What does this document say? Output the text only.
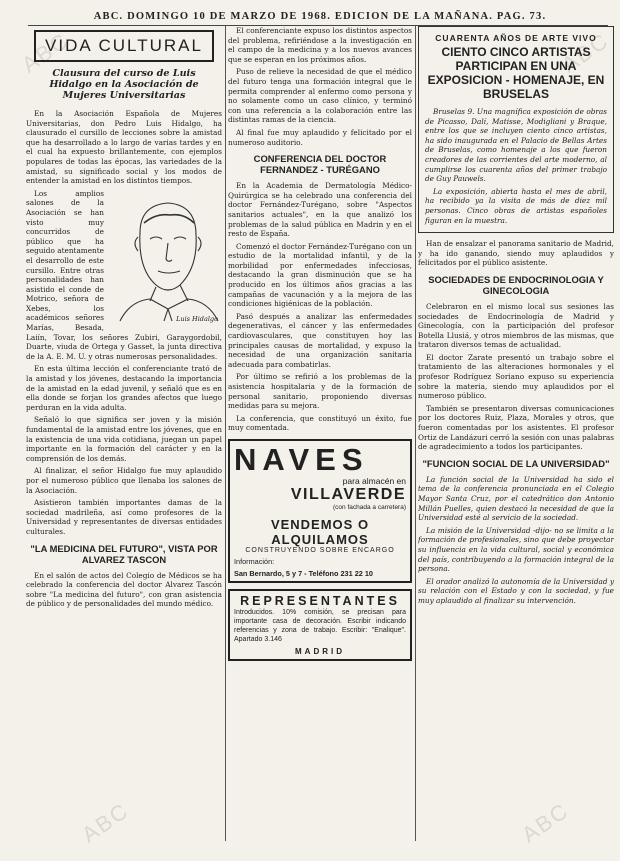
ABC	ABC
ABC	ABC
ABC. DOMINGO 10 DE MARZO DE 1968. EDICION DE LA MAÑANA. PAG. 73.
VIDA CULTURAL
Clausura del curso de Luis Hidalgo en la Asociación de Mujeres Universitarias

En la Asociación Española de Mujeres Universitarias, don Pedro Luis Hidalgo, ha clausurado el cursillo de lecciones sobre la amistad que ha desarrollado a lo largo de varias tardes y en el cual ha expuesto brillantemente, con ejemplos populares de todas las épocas, las variedades de la amistad, su significado social y los modos de entender la amistad en los distintos tiempos.

Luis Hidalgo

Los amplios salones de la Asociación se han visto muy concurridos de público que ha seguido atentamente el desarrollo de este cursillo. Entre otras personalidades han asistido el conde de Motrico, señora de Xebes, los académicos señores Marías, Besada, Laiín, Tovar, los señores Zubiri, Garaygordobil, Duarte, viuda de Ortega y Gasset, la junta directiva de la A. E. M. U. y otras numerosas personalidades.

En esta última lección el conferenciante trató de la amistad y los jóvenes, destacando la importancia de la amistad en la edad juvenil, y señaló que es en ella donde se forjan los grandes afectos que luego perduran en la vida adulta.

Señaló lo que significa ser joven y la misión fundamental de la amistad entre los jóvenes, que en la existencia de una vida cotidiana, juegan un papel importante en la formación del carácter y en la comprensión de los demás.

Al finalizar, el señor Hidalgo fue muy aplaudido por el numeroso público que llenaba los salones de la Asociación.

Asistieron también importantes damas de la sociedad madrileña, así como profesores de la Universidad y representantes de diversas entidades culturales.

"LA MEDICINA DEL FUTURO", VISTA POR ALVAREZ TASCON

En el salón de actos del Colegio de Médicos se ha celebrado la conferencia del doctor Alvarez Tascón sobre "La medicina del futuro", con gran asistencia de público y de personalidades del mundo médico.

El conferenciante expuso los distintos aspectos del problema, refiriéndose a la investigación en el campo de la medicina y a los nuevos avances que se esperan en los próximos años.

Puso de relieve la necesidad de que el médico del futuro tenga una formación integral que le permita comprender al enfermo como persona y no solamente como un caso clínico, y terminó con una referencia a la colaboración entre las distintas ramas de la ciencia.

Al final fue muy aplaudido y felicitado por el numeroso auditorio.

CONFERENCIA DEL DOCTOR FERNANDEZ - TURÉGANO

En la Academia de Dermatología Médico-Quirúrgica se ha celebrado una conferencia del doctor Fernández-Turégano, sobre "Aspectos sanitarios actuales", en la que analizó los problemas de la salud pública en Madrin y en el resto de España.

Comenzó el doctor Fernández-Turégano con un estudio de la mortalidad infantil, y de la morbilidad por enfermedades infecciosas, destacando la gran disminución que se ha producido en los últimos años gracias a las campañas de vacunación y a la mejora de las condiciones higiénicas de la población.

Pasó después a analizar las enfermedades degenerativas, el cáncer y las enfermedades cardiovasculares, que constituyen hoy las principales causas de mortalidad, y expuso la necesidad de una organización sanitaria adecuada para combatirlas.

Por último se refirió a los problemas de la asistencia hospitalaria y de la formación de personal sanitario, proponiendo diversas medidas para su mejora.

La conferencia, que constituyó un éxito, fue muy comentada.

NAVES
para almacén en
VILLAVERDE
(con fachada a carretera)
VENDEMOS O ALQUILAMOS
CONSTRUYENDO SOBRE ENCARGO
Información:
San Bernardo, 5 y 7 - Teléfono 231 22 10
REPRESENTANTES

Introducidos. 10% comisión, se precisan para importante casa de decoración. Escribir indicando referencias y zona de trabajo. Escribir: "Enalique". Apartado 3.146

MADRID
CUARENTA AÑOS DE ARTE VIVO
CIENTO CINCO ARTISTAS PARTICIPAN EN UNA EXPOSICION - HOMENAJE, EN BRUSELAS

Bruselas 9. Una magnífica exposición de obras de Picasso, Dalí, Matisse, Modigliani y Braque, entre los que se incluyen ciento cinco artistas, ha sido inaugurada en el Palacio de Bellas Artes de Bruselas, como homenaje a los que fueron creadores de las corrientes del arte moderno, al cumplirse los cuarenta años del primer trabajo de Guy Pauwels.

La exposición, abierta hasta el mes de abril, ha recibido ya la visita de más de diez mil personas. Cinco obras de artistas españoles figuran en la muestra.

Han de ensalzar el panorama sanitario de Madrid, y ha ido ganando, siendo muy aplaudidos y felicitados por el público asistente.

SOCIEDADES DE ENDOCRINOLOGIA Y GINECOLOGIA

Celebraron en el mismo local sus sesiones las sociedades de Endocrinología de Madrid y Ginecología, con la participación del profesor Botella Llusiá, y otros miembros de las mismas, que trataron diversos temas de actualidad.

El doctor Zarate presentó un trabajo sobre el tratamiento de las alteraciones hormonales y el profesor Rodríguez Soriano expuso su experiencia sobre la materia, siendo muy aplaudidos por el numeroso público.

También se presentaron diversas comunicaciones por los doctores Ruiz, Plaza, Morales y otros, que fueron comentadas por los asistentes. El profesor Ortiz de Landázuri cerró la sesión con unas palabras de agradecimiento a todos los participantes.

"FUNCION SOCIAL DE LA UNIVERSIDAD"

La función social de la Universidad ha sido el tema de la conferencia pronunciada en el Colegio Mayor Santa Cruz, por el catedrático don Antonio Millán Puelles, quien destacó la necesidad de que la Universidad esté al servicio de la sociedad.

La misión de la Universidad -dijo- no se limita a la formación de profesionales, sino que debe proyectar su influencia en la vida cultural, social y económica del país, contribuyendo a la formación integral de la persona.

El orador analizó la autonomía de la Universidad y su relación con el Estado y con la sociedad, y fue muy aplaudido al finalizar su intervención.
